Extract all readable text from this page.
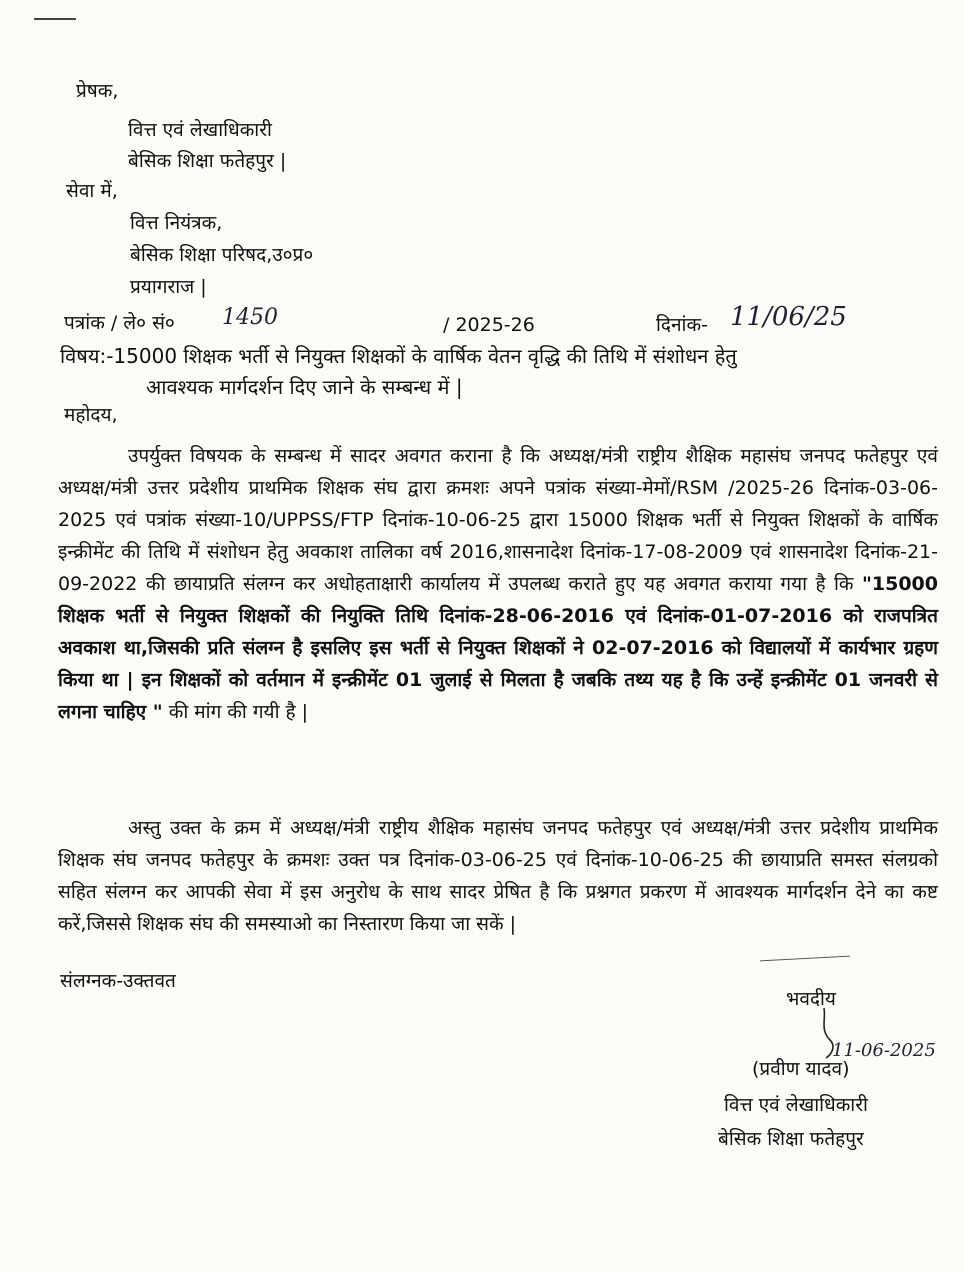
प्रेषक,
वित्त एवं लेखाधिकारी
बेसिक शिक्षा फतेहपुर |
सेवा में,
वित्त नियंत्रक,
बेसिक शिक्षा परिषद,उ०प्र०
प्रयागराज |
पत्रांक / ले० सं० 1450	/ 2025-26	दिनांक- 11/06/25
विषय:-15000 शिक्षक भर्ती से नियुक्त शिक्षकों के वार्षिक वेतन वृद्धि की तिथि में संशोधन हेतु
आवश्यक मार्गदर्शन दिए जाने के सम्बन्ध में |
महोदय,
उपर्युक्त विषयक के सम्बन्ध में सादर अवगत कराना है कि अध्यक्ष/मंत्री राष्ट्रीय शैक्षिक महासंघ जनपद फतेहपुर एवं अध्यक्ष/मंत्री उत्तर प्रदेशीय प्राथमिक शिक्षक संघ द्वारा क्रमशः अपने पत्रांक संख्या-मेमों/RSM /2025-26 दिनांक-03-06-2025 एवं पत्रांक संख्या-10/UPPSS/FTP दिनांक-10-06-25 द्वारा 15000 शिक्षक भर्ती से नियुक्त शिक्षकों के वार्षिक इन्क्रीमेंट की तिथि में संशोधन हेतु अवकाश तालिका वर्ष 2016,शासनादेश दिनांक-17-08-2009 एवं शासनादेश दिनांक-21-09-2022 की छायाप्रति संलग्न कर अधोहताक्षारी कार्यालय में उपलब्ध कराते हुए यह अवगत कराया गया है कि "15000 शिक्षक भर्ती से नियुक्त शिक्षकों की नियुक्ति तिथि दिनांक-28-06-2016 एवं दिनांक-01-07-2016 को राजपत्रित अवकाश था,जिसकी प्रति संलग्न है इसलिए इस भर्ती से नियुक्त शिक्षकों ने 02-07-2016 को विद्यालयों में कार्यभार ग्रहण किया था | इन शिक्षकों को वर्तमान में इन्क्रीमेंट 01 जुलाई से मिलता है जबकि तथ्य यह है कि उन्हें इन्क्रीमेंट 01 जनवरी से लगना चाहिए " की मांग की गयी है |
अस्तु उक्त के क्रम में अध्यक्ष/मंत्री राष्ट्रीय शैक्षिक महासंघ जनपद फतेहपुर एवं अध्यक्ष/मंत्री उत्तर प्रदेशीय प्राथमिक शिक्षक संघ जनपद फतेहपुर के क्रमशः उक्त पत्र दिनांक-03-06-25 एवं दिनांक-10-06-25 की छायाप्रति समस्त संलग्रको सहित संलग्न कर आपकी सेवा में इस अनुरोध के साथ सादर प्रेषित है कि प्रश्नगत प्रकरण में आवश्यक मार्गदर्शन देने का कष्ट करें,जिससे शिक्षक संघ की समस्याओ का निस्तारण किया जा सकें |
संलग्नक-उक्तवत
भवदीय
11-06-2025
(प्रवीण यादव)
वित्त एवं लेखाधिकारी
बेसिक शिक्षा फतेहपुर
